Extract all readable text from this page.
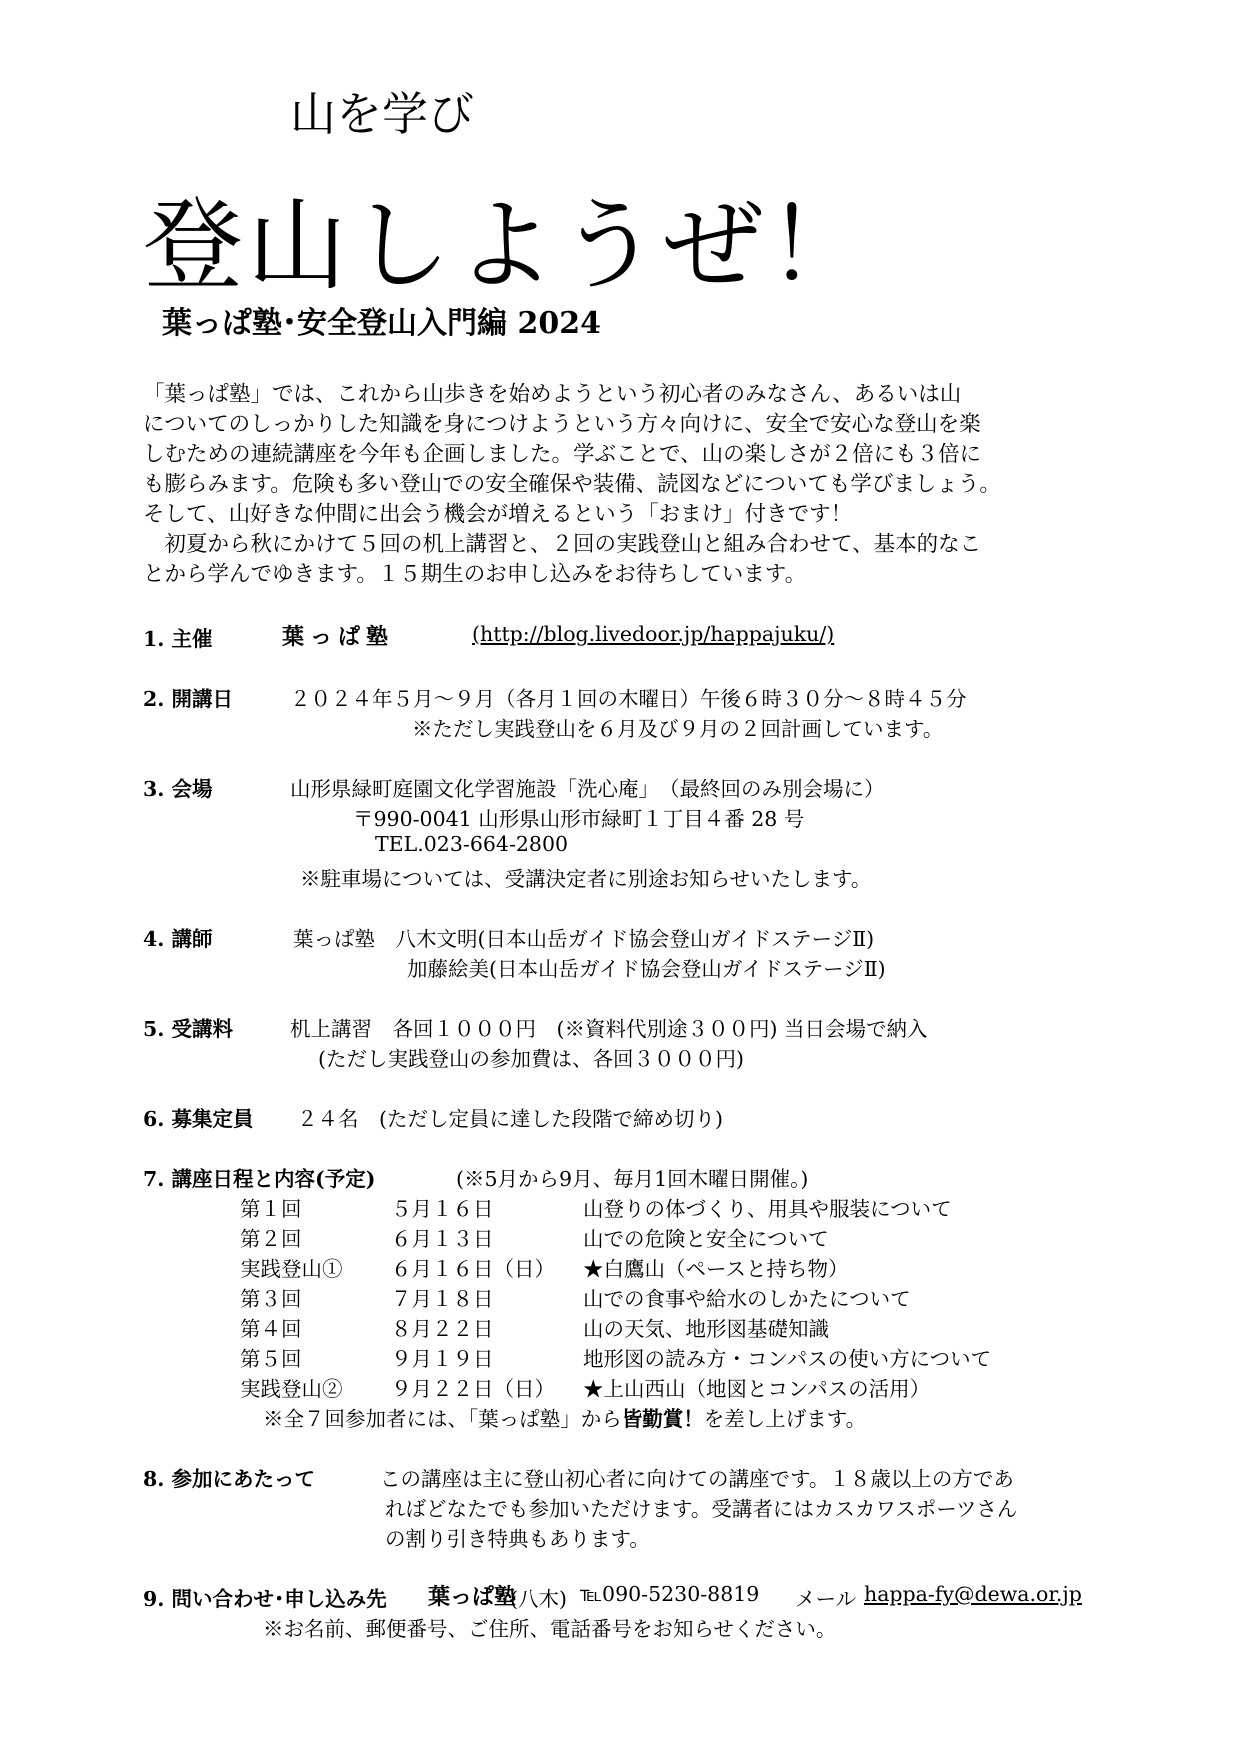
山を学び
登山しようぜ！
葉っぱ塾･安全登山入門編 2024
「葉っぱ塾」では、これから山歩きを始めようという初心者のみなさん、あるいは山
についてのしっかりした知識を身につけようという方々向けに、安全で安心な登山を楽
しむための連続講座を今年も企画しました。学ぶことで、山の楽しさが２倍にも３倍に
も膨らみます。危険も多い登山での安全確保や装備、読図などについても学びましょう。
そして、山好きな仲間に出会う機会が増えるという「おまけ」付きです！
　初夏から秋にかけて５回の机上講習と、２回の実践登山と組み合わせて、基本的なこ
とから学んでゆきます。１５期生のお申し込みをお待ちしています。
1. 主催	葉っぱ塾	(http://blog.livedoor.jp/happajuku/)
2. 開講日	２０２４年５月～９月（各月１回の木曜日）午後６時３０分～８時４５分
※ただし実践登山を６月及び９月の２回計画しています。
3. 会場	山形県緑町庭園文化学習施設「洗心庵」　（最終回のみ別会場に）
〒990-0041 山形県山形市緑町１丁目４番 28 号
TEL.023-664-2800
※駐車場については、受講決定者に別途お知らせいたします。
4. 講師	葉っぱ塾　八木文明(日本山岳ガイド協会登山ガイドステージⅡ)
加藤絵美(日本山岳ガイド協会登山ガイドステージⅡ)
5. 受講料	机上講習　各回１０００円　(※資料代別途３００円) 当日会場で納入
(ただし実践登山の参加費は、各回３０００円)
6. 募集定員 ２４名　(ただし定員に達した段階で締め切り)
7. 講座日程と内容(予定)	(※5月から9月、毎月1回木曜日開催。)
第１回	５月１６日	山登りの体づくり、用具や服装について
第２回	６月１３日	山での危険と安全について
実践登山① ６月１６日（日） ★白鷹山（ペースと持ち物）
第３回	７月１８日	山での食事や給水のしかたについて
第４回	８月２２日	山の天気、地形図基礎知識
第５回	９月１９日	地形図の読み方・コンパスの使い方について
実践登山② ９月２２日（日） ★上山西山（地図とコンパスの活用）
※全７回参加者には、「葉っぱ塾」から皆勤賞！を差し上げます。
8. 参加にあたって	この講座は主に登山初心者に向けての講座です。１８歳以上の方であ
ればどなたでも参加いただけます。受講者にはカスカワスポーツさん
の割り引き特典もあります。
9. 問い合わせ･申し込み先 葉っぱ塾
(八木) ℡090-5230-8819 メール happa-fy@dewa.or.jp
※お名前、郵便番号、ご住所、電話番号をお知らせください。
